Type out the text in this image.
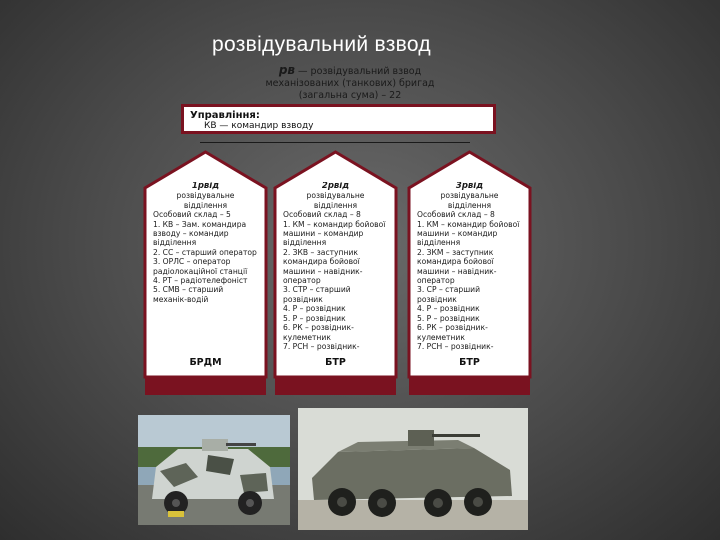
розвідувальний взвод
рв — розвідувальний взвод
механізованих (танкових) бригад
(загальна сума) – 22
Управління:
КВ — командир взводу
1рвід
розвідувальне
відділення
Особовий склад – 5
1. КВ – Зам. командира взводу – командир відділення
2. СС – старший оператор
3. ОРЛС – оператор радіолокаційної станції
4. РТ – радіотелефоніст
5. СМВ – старший механік-водій
БРДМ
2рвід
розвідувальне
відділення
Особовий склад – 8
1. КМ – командир бойової машини – командир відділення
2. ЗКВ – заступник командира бойової машини – навідник-оператор
3. СТР – старший розвідник
4. Р – розвідник
5. Р – розвідник
6. РК – розвідник-кулеметник
7. РСН – розвідник-
БТР
3рвід
розвідувальне
відділення
Особовий склад – 8
1. КМ – командир бойової машини – командир відділення
2. ЗКМ – заступник командира бойової машини – навідник-оператор
3. СР – старший розвідник
4. Р – розвідник
5. Р – розвідник
6. РК – розвідник-кулеметник
7. РСН – розвідник-
БТР
